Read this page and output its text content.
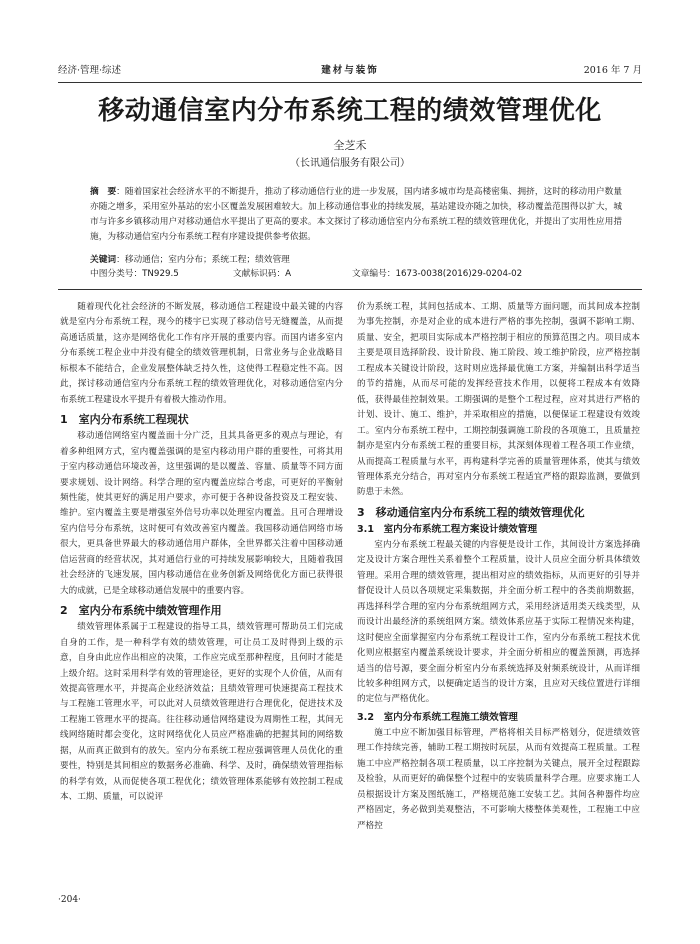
经济·管理·综述	建材与装饰	2016 年 7 月
移动通信室内分布系统工程的绩效管理优化
全芝禾
（长讯通信服务有限公司）
摘　要：随着国家社会经济水平的不断提升，推动了移动通信行业的进一步发展，国内诸多城市均是高楼密集、拥挤，这时的移动用户数量亦随之增多，采用室外基站的宏小区覆盖发展困难较大。加上移动通信事业的持续发展，基站建设亦随之加快，移动覆盖范围得以扩大，城市与许多乡镇移动用户对移动通信水平提出了更高的要求。本文探讨了移动通信室内分布系统工程的绩效管理优化，并提出了实用性应用措施，为移动通信室内分布系统工程有序建设提供参考依据。
关键词：移动通信；室内分布；系统工程；绩效管理
中图分类号：TN929.5	文献标识码：A	文章编号：1673-0038(2016)29-0204-02

随着现代化社会经济的不断发展，移动通信工程建设中最关键的内容就是室内分布系统工程，现今的楼宇已实现了移动信号无缝覆盖，从而提高通话质量，这亦是网络优化工作有序开展的重要内容。而国内诸多室内分布系统工程企业中并没有健全的绩效管理机制，日常业务与企业战略目标根本不能结合，企业发展整体缺乏持久性，这使得工程稳定性不高。因此，探讨移动通信室内分布系统工程的绩效管理优化，对移动通信室内分布系统工程建设水平提升有着极大推动作用。

1　室内分布系统工程现状

移动通信网络室内覆盖面十分广泛，且其具备更多的观点与理论，有着多种组网方式，室内覆盖强调的是室内移动用户群的重要性，可将其用于室内移动通信环境改善，这里强调的是以覆盖、容量、质量等不同方面要求规划、设计网络。科学合理的室内覆盖应综合考虑，可更好的平衡射频性能，使其更好的满足用户要求，亦可便于各种设备投资及工程安装、维护。室内覆盖主要是增强室外信号功率以处理室内覆盖。且可合理增设室内信号分布系统，这时便可有效改善室内覆盖。我国移动通信网络市场很大，更具备世界最大的移动通信用户群体，全世界都关注着中国移动通信运营商的经营状况，其对通信行业的可持续发展影响较大，且随着我国社会经济的飞速发展，国内移动通信在业务创新及网络优化方面已获得很大的成就，已是全球移动通信发展中的重要内容。

2　室内分布系统中绩效管理作用

绩效管理体系属于工程建设的指导工具，绩效管理可帮助员工们完成自身的工作，是一种科学有效的绩效管理，可让员工及时得到上级的示意，自身由此应作出相应的决策，工作应完成至那种程度，且何时才能是上级介绍。这时采用科学有效的管理途径，更好的实现个人价值，从而有效提高管理水平，并提高企业经济效益；且绩效管理可快速提高工程技术与工程施工管理水平，可以此对人员绩效管理进行合理优化，促进技术及工程施工管理水平的提高。往往移动通信网络建设为周期性工程，其间无线网络随时都会变化，这时网络优化人员应严格准确的把握其间的网络数据，从而真正做到有的放矢。室内分布系统工程应强调管理人员优化的重要性，特别是其间相应的数据务必准确、科学、及时，确保绩效管理指标的科学有效，从而促使各项工程优化；绩效管理体系能够有效控制工程成本、工期、质量，可以说评

价为系统工程，其间包括成本、工期、质量等方面问题，而其间成本控制为事先控制，亦是对企业的成本进行严格的事先控制，强调不影响工期、质量、安全，把项目实际成本严格控制于相应的预算范围之内。项目成本主要是项目选择阶段、设计阶段、施工阶段、竣工维护阶段，应严格控制工程成本关键设计阶段，这时则应选择最优施工方案，并编制出科学适当的节约措施，从而尽可能的发挥经营技术作用，以便将工程成本有效降低，获得最佳控制效果。工期强调的是整个工程过程，应对其进行严格的计划、设计、施工、维护，并采取相应的措施，以便保证工程建设有效竣工。室内分布系统工程中，工期控制强调施工阶段的各项施工，且质量控制亦是室内分布系统工程的重要目标，其深刻体现着工程各项工作业绩，从而提高工程质量与水平，再构建科学完善的质量管理体系，使其与绩效管理体系充分结合，再对室内分布系统工程适宜严格的跟踪监测，要做到防患于未然。

3　移动通信室内分布系统工程的绩效管理优化
3.1　室内分布系统工程方案设计绩效管理

室内分布系统工程最关键的内容便是设计工作，其间设计方案选择确定及设计方案合理性关系着整个工程质量，设计人员应全面分析具体绩效管理。采用合理的绩效管理，提出相对应的绩效指标，从而更好的引导并督促设计人员以各项规定采集数据，并全面分析工程中的各类前期数据，再选择科学合理的室内分布系统组网方式，采用经济适用类天线类型，从而设计出最经济的系统组网方案。绩效体系应基于实际工程情况来构建，这时便应全面掌握室内分布系统工程设计工作，室内分布系统工程技术优化则应根据室内覆盖系统设计要求，并全面分析相应的覆盖预测，再选择适当的信号源，要全面分析室内分布系统选择及射频系统设计，从而详细比较多种组网方式，以便确定适当的设计方案，且应对天线位置进行详细的定位与严格优化。

3.2　室内分布系统工程施工绩效管理

施工中应不断加强目标管理，严格将相关目标严格划分，促进绩效管理工作持续完善，辅助工程工期按时玩层，从而有效提高工程质量。工程施工中应严格控制各项工程质量，以工序控制为关键点，展开全过程跟踪及检验，从而更好的确保整个过程中的安装质量科学合理。应要求施工人员根据设计方案及图纸施工，严格规范施工安装工艺。其间各种器件均应严格固定，务必做到美观整洁，不可影响大楼整体美观性，工程施工中应严格控

·204·
